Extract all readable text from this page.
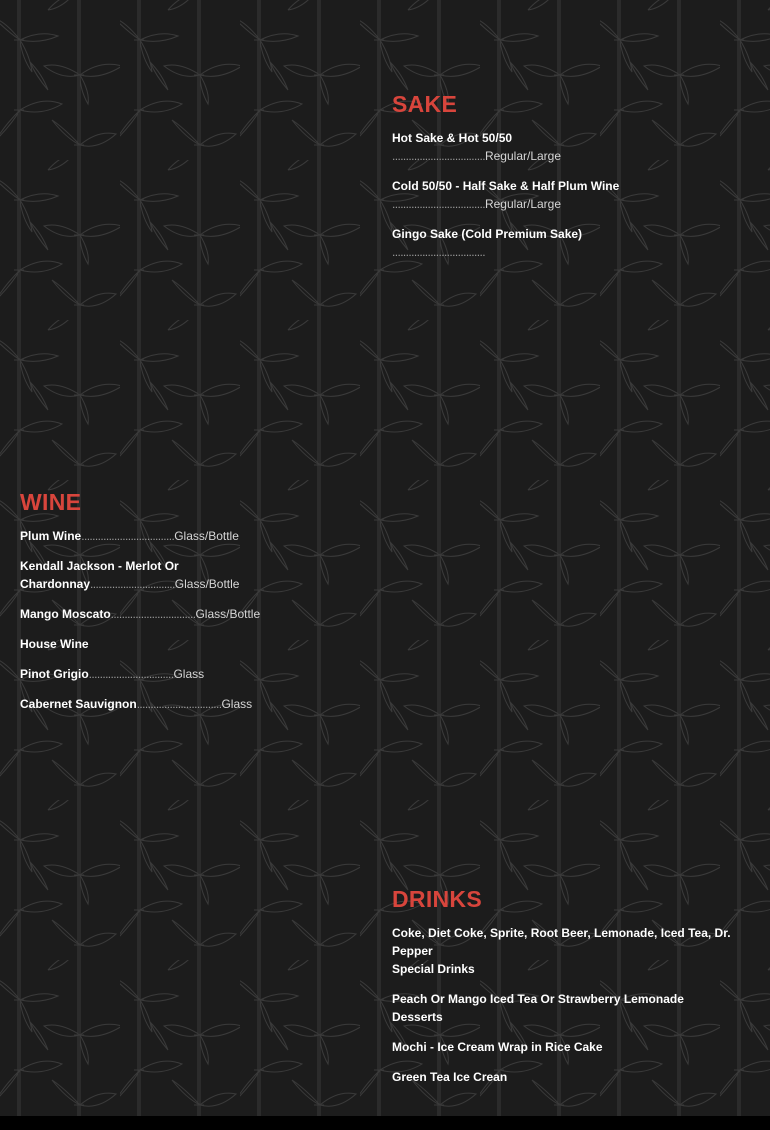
SAKE
Hot Sake & Hot 50/50
..................................Regular/Large
Cold 50/50 - Half Sake & Half Plum Wine
..................................Regular/Large
Gingo Sake (Cold Premium Sake)
..................................
WINE
Plum Wine..................................Glass/Bottle
Kendall Jackson - Merlot Or Chardonnay...............................Glass/Bottle
Mango Moscato...............................Glass/Bottle
House Wine
Pinot Grigio...............................Glass
Cabernet Sauvignon...............................Glass
DRINKS
Coke, Diet Coke, Sprite, Root Beer, Lemonade, Iced Tea, Dr. Pepper
Special Drinks
Peach Or Mango Iced Tea Or Strawberry Lemonade
Desserts
Mochi - Ice Cream Wrap in Rice Cake
Green Tea Ice Crean
